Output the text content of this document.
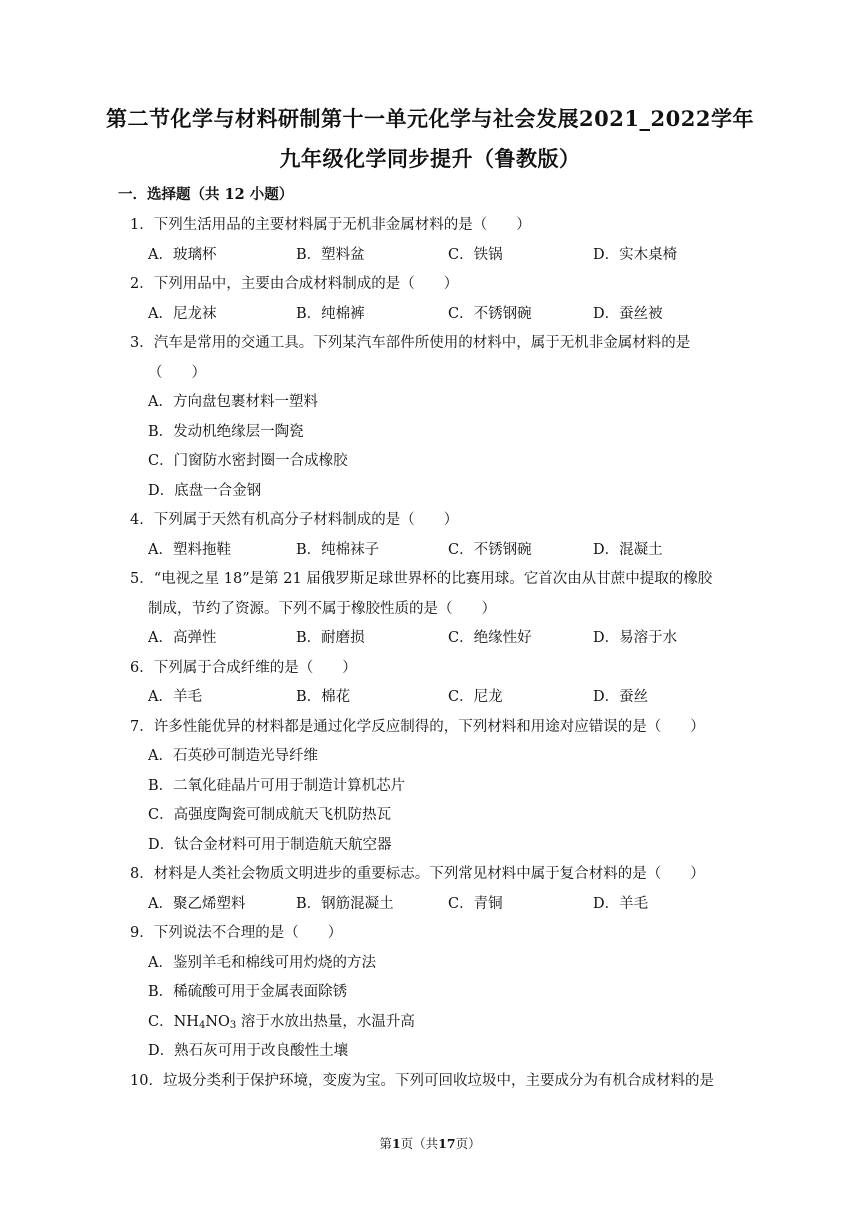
第二节化学与材料研制第十一单元化学与社会发展2021_2022学年
九年级化学同步提升（鲁教版）
一．选择题（共 12 小题）
1．下列生活用品的主要材料属于无机非金属材料的是（　　）
A．玻璃杯	B．塑料盆	C．铁锅	D．实木桌椅
2．下列用品中，主要由合成材料制成的是（　　）
A．尼龙袜	B．纯棉裤	C．不锈钢碗	D．蚕丝被
3．汽车是常用的交通工具。下列某汽车部件所使用的材料中，属于无机非金属材料的是
（　　）
A．方向盘包裹材料一塑料
B．发动机绝缘层一陶瓷
C．门窗防水密封圈一合成橡胶
D．底盘一合金钢
4．下列属于天然有机高分子材料制成的是（　　）
A．塑料拖鞋	B．纯棉袜子	C．不锈钢碗	D．混凝土
5．“电视之星 18”是第 21 届俄罗斯足球世界杯的比赛用球。它首次由从甘蔗中提取的橡胶
制成，节约了资源。下列不属于橡胶性质的是（　　）
A．高弹性	B．耐磨损	C．绝缘性好	D．易溶于水
6．下列属于合成纤维的是（　　）
A．羊毛	B．棉花	C．尼龙	D．蚕丝
7．许多性能优异的材料都是通过化学反应制得的，下列材料和用途对应错误的是（　　）
A．石英砂可制造光导纤维
B．二氧化硅晶片可用于制造计算机芯片
C．高强度陶瓷可制成航天飞机防热瓦
D．钛合金材料可用于制造航天航空器
8．材料是人类社会物质文明进步的重要标志。下列常见材料中属于复合材料的是（　　）
A．聚乙烯塑料	B．钢筋混凝土	C．青铜	D．羊毛
9．下列说法不合理的是（　　）
A．鉴别羊毛和棉线可用灼烧的方法
B．稀硫酸可用于金属表面除锈
C．$NH_4NO_3$ 溶于水放出热量，水温升高
D．熟石灰可用于改良酸性土壤
10．垃圾分类利于保护环境，变废为宝。下列可回收垃圾中，主要成分为有机合成材料的是
第1页（共17页）
